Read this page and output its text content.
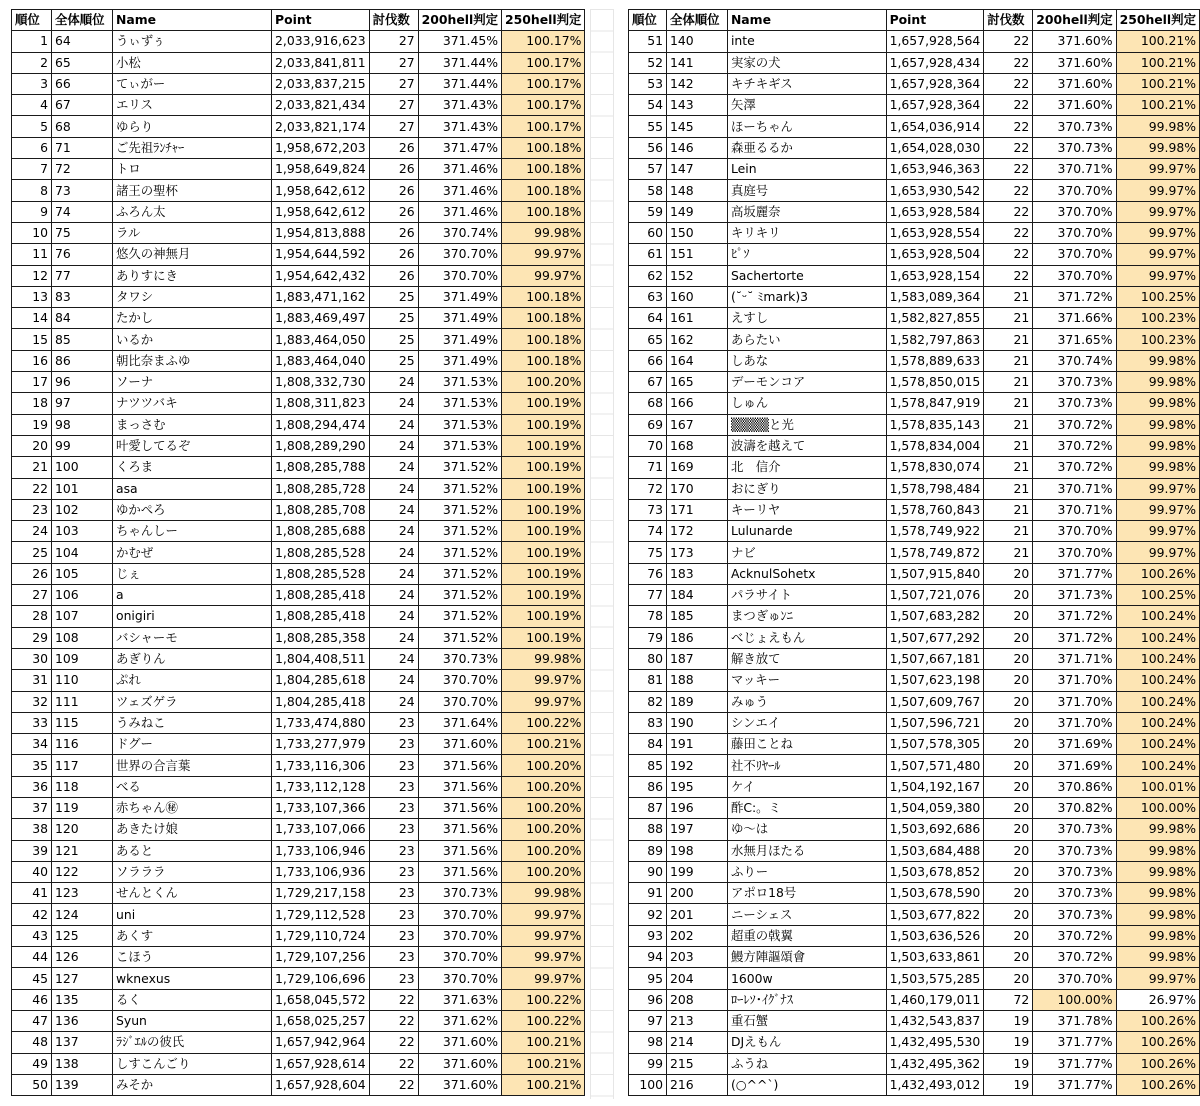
順位	全体順位	Name	Point	討伐数	200hell判定	250hell判定
1	64	うぃずぅ	2,033,916,623	27	371.45%	100.17%
2	65	小松	2,033,841,811	27	371.44%	100.17%
3	66	てぃがー	2,033,837,215	27	371.44%	100.17%
4	67	エリス	2,033,821,434	27	371.43%	100.17%
5	68	ゆらり	2,033,821,174	27	371.43%	100.17%
6	71	ご先祖ﾗﾝﾁｬｰ	1,958,672,203	26	371.47%	100.18%
7	72	トロ	1,958,649,824	26	371.46%	100.18%
8	73	諸王の聖杯	1,958,642,612	26	371.46%	100.18%
9	74	ふろん太	1,958,642,612	26	371.46%	100.18%
10	75	ラル	1,954,813,888	26	370.74%	99.98%
11	76	悠久の神無月	1,954,644,592	26	370.70%	99.97%
12	77	ありすにき	1,954,642,432	26	370.70%	99.97%
13	83	タワシ	1,883,471,162	25	371.49%	100.18%
14	84	たかし	1,883,469,497	25	371.49%	100.18%
15	85	いるか	1,883,464,050	25	371.49%	100.18%
16	86	朝比奈まふゆ	1,883,464,040	25	371.49%	100.18%
17	96	ソーナ	1,808,332,730	24	371.53%	100.20%
18	97	ナツツバキ	1,808,311,823	24	371.53%	100.19%
19	98	まっさむ	1,808,294,474	24	371.53%	100.19%
20	99	叶愛してるぞ	1,808,289,290	24	371.53%	100.19%
21	100	くろま	1,808,285,788	24	371.52%	100.19%
22	101	asa	1,808,285,728	24	371.52%	100.19%
23	102	ゆかぺろ	1,808,285,708	24	371.52%	100.19%
24	103	ちゃんしー	1,808,285,688	24	371.52%	100.19%
25	104	かむぜ	1,808,285,528	24	371.52%	100.19%
26	105	じぇ	1,808,285,528	24	371.52%	100.19%
27	106	a	1,808,285,418	24	371.52%	100.19%
28	107	onigiri	1,808,285,418	24	371.52%	100.19%
29	108	バシャーモ	1,808,285,358	24	371.52%	100.19%
30	109	あぎりん	1,804,408,511	24	370.73%	99.98%
31	110	ぷれ	1,804,285,618	24	370.70%	99.97%
32	111	ツェズゲラ	1,804,285,418	24	370.70%	99.97%
33	115	うみねこ	1,733,474,880	23	371.64%	100.22%
34	116	ドグー	1,733,277,979	23	371.60%	100.21%
35	117	世界の合言葉	1,733,116,306	23	371.56%	100.20%
36	118	べる	1,733,112,128	23	371.56%	100.20%
37	119	赤ちゃん㊙	1,733,107,366	23	371.56%	100.20%
38	120	あきたけ娘	1,733,107,066	23	371.56%	100.20%
39	121	あると	1,733,106,946	23	371.56%	100.20%
40	122	ソラララ	1,733,106,936	23	371.56%	100.20%
41	123	せんとくん	1,729,217,158	23	370.73%	99.98%
42	124	uni	1,729,112,528	23	370.70%	99.97%
43	125	あくす	1,729,110,724	23	370.70%	99.97%
44	126	こほう	1,729,107,256	23	370.70%	99.97%
45	127	wknexus	1,729,106,696	23	370.70%	99.97%
46	135	るく	1,658,045,572	22	371.63%	100.22%
47	136	Syun	1,658,025,257	22	371.62%	100.22%
48	137	ﾗｼﾞｴﾙの彼氏	1,657,942,964	22	371.60%	100.21%
49	138	しすこんごり	1,657,928,614	22	371.60%	100.21%
50	139	みそか	1,657,928,604	22	371.60%	100.21%
順位	全体順位	Name	Point	討伐数	200hell判定	250hell判定
51	140	inte	1,657,928,564	22	371.60%	100.21%
52	141	実家の犬	1,657,928,434	22	371.60%	100.21%
53	142	キチキギス	1,657,928,364	22	371.60%	100.21%
54	143	矢澤	1,657,928,364	22	371.60%	100.21%
55	145	ほーちゃん	1,654,036,914	22	370.73%	99.98%
56	146	森亜るるか	1,654,028,030	22	370.73%	99.98%
57	147	Lein	1,653,946,363	22	370.71%	99.97%
58	148	真庭号	1,653,930,542	22	370.70%	99.97%
59	149	高坂麗奈	1,653,928,584	22	370.70%	99.97%
60	150	キリキリ	1,653,928,554	22	370.70%	99.97%
61	151	ﾋﾟｿ	1,653,928,504	22	370.70%	99.97%
62	152	Sachertorte	1,653,928,154	22	370.70%	99.97%
63	160	(˘ᵕ˘ ﾐmark)3	1,583,089,364	21	371.72%	100.25%
64	161	えすし	1,582,827,855	21	371.66%	100.23%
65	162	あらたい	1,582,797,863	21	371.65%	100.23%
66	164	しあな	1,578,889,633	21	370.74%	99.98%
67	165	デーモンコア	1,578,850,015	21	370.73%	99.98%
68	166	しゅん	1,578,847,919	21	370.73%	99.98%
69	167	▒▒▒▒と光	1,578,835,143	21	370.72%	99.98%
70	168	波濤を越えて	1,578,834,004	21	370.72%	99.98%
71	169	北　信介	1,578,830,074	21	370.72%	99.98%
72	170	おにぎり	1,578,798,484	21	370.71%	99.97%
73	171	キーリヤ	1,578,760,843	21	370.71%	99.97%
74	172	Lulunarde	1,578,749,922	21	370.70%	99.97%
75	173	ナビ	1,578,749,872	21	370.70%	99.97%
76	183	AcknulSohetx	1,507,915,840	20	371.77%	100.26%
77	184	パラサイト	1,507,721,076	20	371.73%	100.25%
78	185	まつぎゅﾝﾆ	1,507,683,282	20	371.72%	100.24%
79	186	べじょえもん	1,507,677,292	20	371.72%	100.24%
80	187	解き放て	1,507,667,181	20	371.71%	100.24%
81	188	マッキー	1,507,623,198	20	371.70%	100.24%
82	189	みゅう	1,507,609,767	20	371.70%	100.24%
83	190	シンエイ	1,507,596,721	20	371.70%	100.24%
84	191	藤田ことね	1,507,578,305	20	371.69%	100.24%
85	192	社不ﾘﾔｰﾙ	1,507,571,480	20	371.69%	100.24%
86	195	ケイ	1,504,192,167	20	370.86%	100.01%
87	196	酢C:。ミ	1,504,059,380	20	370.82%	100.00%
88	197	ゆ〜は	1,503,692,686	20	370.73%	99.98%
89	198	水無月ほたる	1,503,684,488	20	370.73%	99.98%
90	199	ふりー	1,503,678,852	20	370.73%	99.98%
91	200	アポロ18号	1,503,678,590	20	370.73%	99.98%
92	201	ニーシェス	1,503,677,822	20	370.73%	99.98%
93	202	超重の戟翼	1,503,636,526	20	370.72%	99.98%
94	203	鰻方陣謳頌會	1,503,633,861	20	370.72%	99.98%
95	204	1600w	1,503,575,285	20	370.70%	99.97%
96	208	ﾛｰﾚｿ･ｲｸﾞﾅｽ	1,460,179,011	72	100.00%	26.97%
97	213	重石蟹	1,432,543,837	19	371.78%	100.26%
98	214	DJえもん	1,432,495,530	19	371.77%	100.26%
99	215	ふうね	1,432,495,362	19	371.77%	100.26%
100	216	(○^^`)	1,432,493,012	19	371.77%	100.26%
